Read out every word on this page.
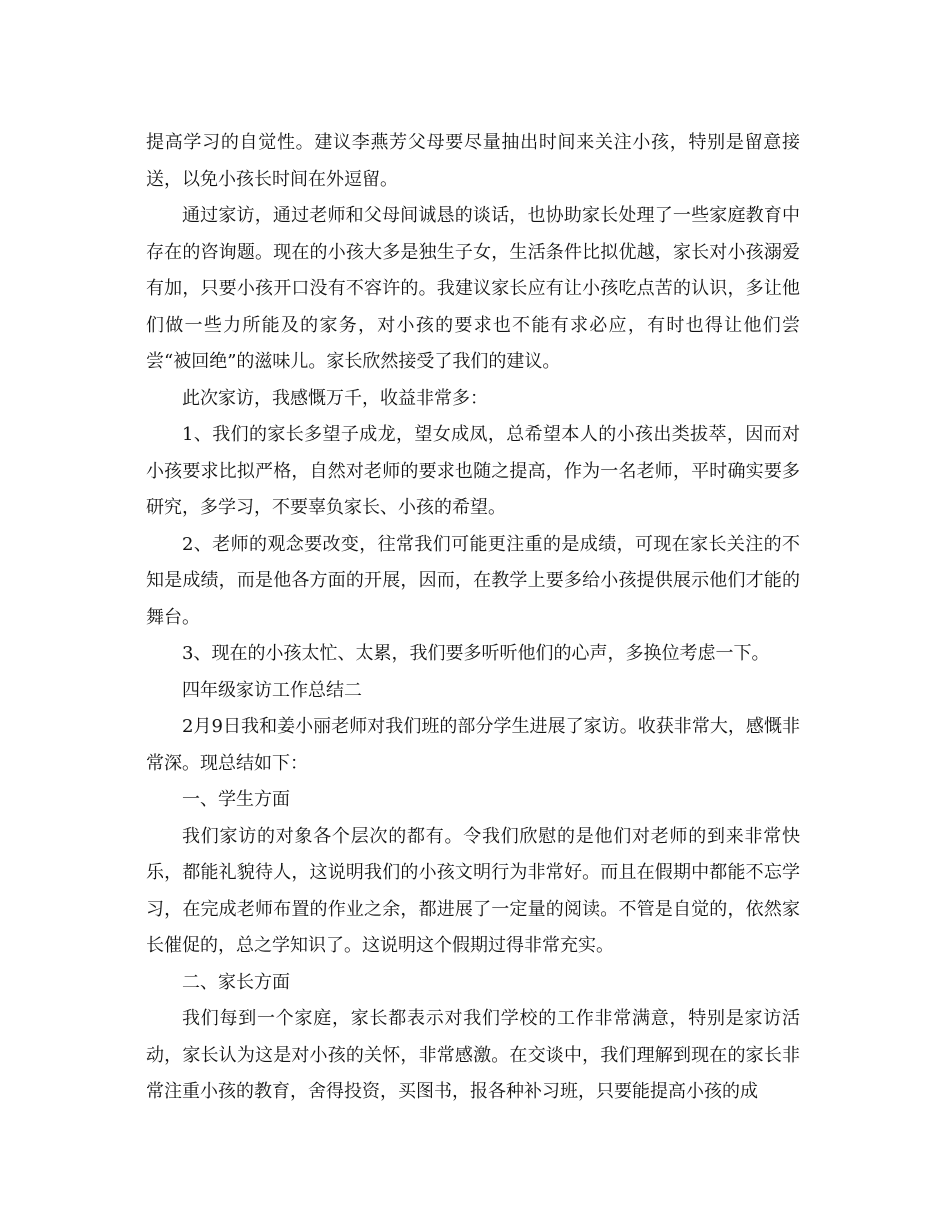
提高学习的自觉性。建议李燕芳父母要尽量抽出时间来关注小孩，特别是留意接送，以免小孩长时间在外逗留。

通过家访，通过老师和父母间诚恳的谈话，也协助家长处理了一些家庭教育中存在的咨询题。现在的小孩大多是独生子女，生活条件比拟优越，家长对小孩溺爱有加，只要小孩开口没有不容许的。我建议家长应有让小孩吃点苦的认识，多让他们做一些力所能及的家务，对小孩的要求也不能有求必应，有时也得让他们尝尝“被回绝”的滋味儿。家长欣然接受了我们的建议。

此次家访，我感慨万千，收益非常多：

1、我们的家长多望子成龙，望女成凤，总希望本人的小孩出类拔萃，因而对小孩要求比拟严格，自然对老师的要求也随之提高，作为一名老师，平时确实要多研究，多学习，不要辜负家长、小孩的希望。

2、老师的观念要改变，往常我们可能更注重的是成绩，可现在家长关注的不知是成绩，而是他各方面的开展，因而，在教学上要多给小孩提供展示他们才能的舞台。

3、现在的小孩太忙、太累，我们要多听听他们的心声，多换位考虑一下。

四年级家访工作总结二

2月9日我和姜小丽老师对我们班的部分学生进展了家访。收获非常大，感慨非常深。现总结如下：

一、学生方面

我们家访的对象各个层次的都有。令我们欣慰的是他们对老师的到来非常快乐，都能礼貌待人，这说明我们的小孩文明行为非常好。而且在假期中都能不忘学习，在完成老师布置的作业之余，都进展了一定量的阅读。不管是自觉的，依然家长催促的，总之学知识了。这说明这个假期过得非常充实。

二、家长方面

我们每到一个家庭，家长都表示对我们学校的工作非常满意，特别是家访活动，家长认为这是对小孩的关怀，非常感激。在交谈中，我们理解到现在的家长非常注重小孩的教育，舍得投资，买图书，报各种补习班，只要能提高小孩的成
